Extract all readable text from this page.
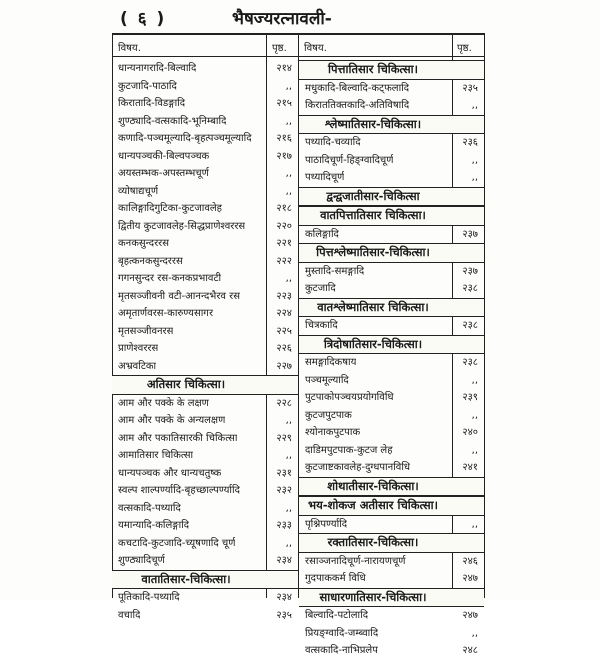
( ६ )	भैषज्यरत्नावली-
विषय.	पृष्ठ. विषय.	पृष्ठ.
धान्यनागरादि-बिल्वादि	२१४
कुटजादि-पाठादि	,,
किरातादि-विडङ्गादि	२१५
शुण्ठ्यादि-वत्सकादि-भूनिम्बादि	,,
कणादि-पञ्चमूल्यादि-बृहत्पञ्चमूल्यादि २१६
धान्यपञ्चकी-बिल्वपञ्चक	२१७
अयस्तम्भक-अपस्तम्भचूर्ण	,,
व्योषाद्यचूर्ण	,,
कालिङ्गादिगुटिका-कुटजावलेह	२१८
द्वितीय कुटजावलेह-सिद्धप्राणेश्वररस	२२०
कनकसुन्दररस	२२१
बृहत्कनकसुन्दररस	२२२
गगनसुन्दर रस-कनकप्रभावटी	,,
मृतसञ्जीवनी वटी-आनन्दभैरव रस	२२३
अमृतार्णवरस-कारुण्यसागर	२२४
मृतसञ्जीवनरस	२२५
प्राणेश्वररस	२२६
अभ्रवटिका	२२७
अतिसार चिकित्सा।
आम और पक्के के लक्षण	२२८
आम और पक्के के अन्यलक्षण	,,
आम और पकातिसारकी चिकित्सा	२२९
आमातिसार चिकित्सा	,,
धान्यपञ्चक और धान्यचतुष्क	२३१
स्वल्प शाल्पर्ण्यादि-बृहच्छाल्पर्ण्यादि	२३२
वत्सकादि-पथ्यादि	,,
यमान्यादि-कलिङ्गादि	२३३
कचटादि-कुटजादि-च्यूषणादि चूर्ण	,,
शुण्ठ्यादिचूर्ण	२३४
वातातिसार-चिकित्सा।
पूतिकादि-पथ्यादि	२३४
वचादि	२३५
पित्तातिसार चिकित्सा।
मधुकादि-बिल्वादि-कट्फलादि	२३५
किराततिक्तकादि-अतिविषादि	,,
श्लेष्मातिसार-चिकित्सा।
पथ्यादि-चव्यादि	२३६
पाठादिचूर्ण-हिङ्ग्वादिचूर्ण	,,
पथ्यादिचूर्ण	,,
द्वन्द्वजातीसार-चिकित्सा
वातपित्तातिसार चिकित्सा।
कलिङ्गादि	२३७
पित्तश्लेष्मातिसार-चिकित्सा।
मुस्तादि-समङ्गादि	२३७
कुटजादि	२३८
वातश्लेष्मातिसार चिकित्सा।
चित्रकादि	२३८
त्रिदोषातिसार-चिकित्सा।
समङ्गादिकषाय	२३८
पञ्चमूल्यादि	,,
पुटपाकोपञ्चयप्रयोगविधि	२३९
कुटजपुटपाक	,,
श्योनाकपुटपाक	२४०
दाडिमपुटपाक-कुटज लेह	,,
कुटजाष्टकावलेह-दुग्धपानविधि	२४१
शोथातीसार-चिकित्सा।
भय-शोकज अतीसार चिकित्सा।
पृश्निपर्ण्यादि	,,
रक्तातिसार-चिकित्सा।
रसाञ्जनादिचूर्ण-नारायणचूर्ण	२४६
गुदपाककर्म विधि	२४७
साधारणातिसार-चिकित्सा।
बिल्वादि-पटोलादि	२४७
प्रियङ्ग्वादि-जम्ब्वादि	,,
वत्सकादि-नाभिप्रलेप	२४८
